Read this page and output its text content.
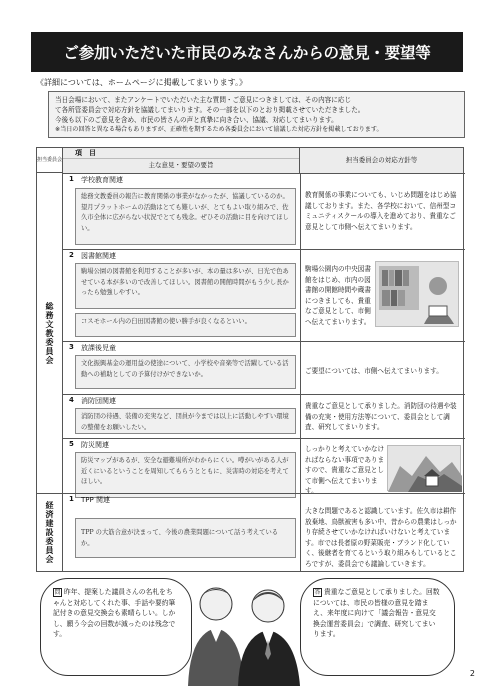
ご参加いただいた市民のみなさんからの意見・要望等
《詳細については、ホームページに掲載してまいります。》
当日会場において、またアンケートでいただいた主な質問・ご意見につきましては、その内容に応じ
て各所管委員会で対応方針を協議してまいります。その一部を以下のとおり掲載させていただきました。
今後も以下のご意見を含め、市民の皆さんの声と真摯に向き合い、協議、対応してまいります。
※当日の回答と異なる場合もありますが、正確性を期するため各委員会において協議した対応方針を掲載しております。
担当委員会
項　目
主な意見・要望の要旨
担当委員会の対応方針等
総務文教委員会
経済建設委員会
1 学校教育関連
総務文教委員の報告に教育関係の事業がなかったが、協議しているのか。望月プラットホームの活動はとても難しいが、とてもよい取り組みで、佐久市全体に広がらない状況でとても残念。ぜひその活動に目を向けてほしい。
教育関係の事業についても、いじめ問題をはじめ協議しております。また、各学校において、信州型コミュニティスクールの導入を進めており、貴重なご意見として市側へ伝えてまいります。
2 図書館関連
駒場公園の図書館を利用することが多いが、本の量は多いが、日光で色あせている本が多いので改善してほしい。図書館の開館時間がもう少し長かったら勉強しやすい。
コスモホール内の臼田図書館の使い勝手が良くなるといい。
駒場公園内の中央図書館をはじめ、市内の図書館の開館時間や蔵書につきましても、貴重なご意見として、市側へ伝えてまいります。
3 放課後児童
文化振興基金の運用益の使途について、小学校や音楽等で活躍している活動への補助としての予算付けができないか。	ご要望については、市側へ伝えてまいります。
4 消防団関連
消防団の待遇、装備の充実など、団員が今までは以上に活動しやすい環境の整備をお願いしたい。
貴重なご意見として承りました。消防団の待遇や装備の充実・使用方法等について、委員会として調査、研究してまいります。
5 防災関連
防災マップがあるが、安全な避難場所がわからにくい。噂がいがある人が近くにいるということを周知してもらうとともに、災害時の対応を考えてほしい。
しっかりと考えていかなければならない事項でありますので、貴重なご意見として市側へ伝えてまいります。
1 TPP 関連
TPP の大筋合意が決まって、今後の農業問題について話う考えているか。
大きな問題であると認識しています。佐久市は耕作放棄地、鳥獣被害も多い中、昔からの農業はしっかり存続させていかなければいけないと考えています。市では長者原の野菜販売・ブランド化していく、後継者を育てるという取り組みもしているところですが、委員会でも議論していきます。
問 昨年、提案した議員さんの名札をちゃんと対応してくれた事、手話や要約筆記付きの意見交換会も素晴らしい。しかし、願う今会の回数が減ったのは残念です。
答 貴重なご意見として承りました。回数については、市民の皆様の意見を踏まえ、来年度に向けて「議会報告・意見交換会運営委員会」で調査、研究してまいります。
2
